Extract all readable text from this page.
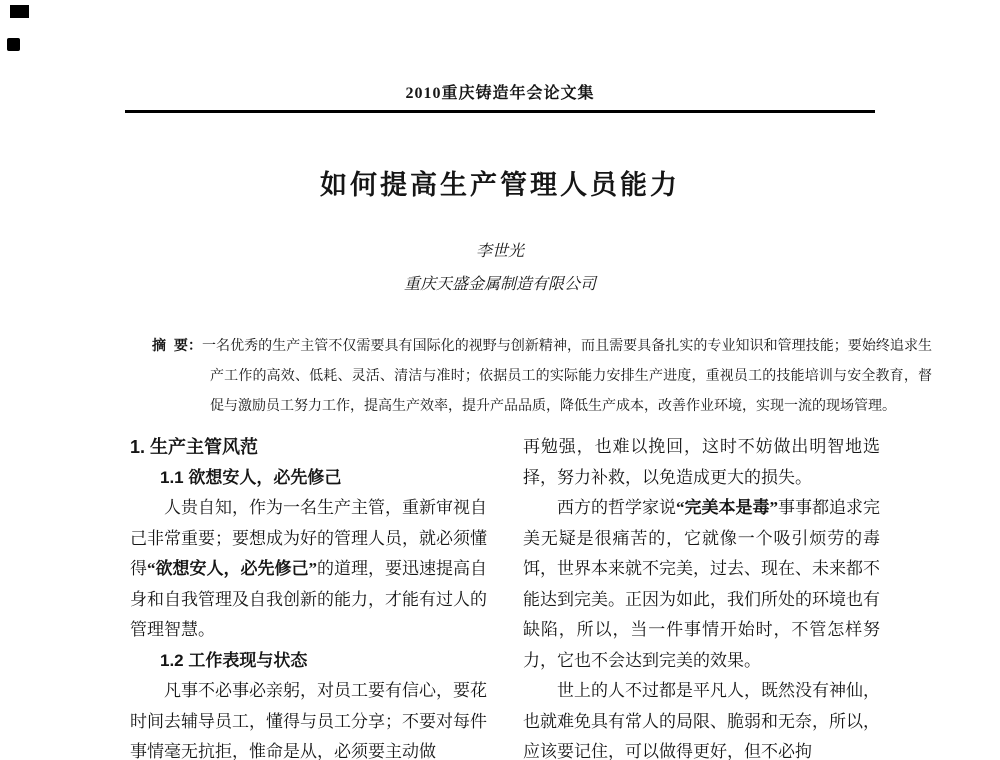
2010重庆铸造年会论文集
如何提高生产管理人员能力
李世光
重庆天盛金属制造有限公司
摘  要：一名优秀的生产主管不仅需要具有国际化的视野与创新精神，而且需要具备扎实的专业知识和管理技能；要始终追求生产工作的高效、低耗、灵活、清洁与准时；依据员工的实际能力安排生产进度，重视员工的技能培训与安全教育，督促与激励员工努力工作，提高生产效率，提升产品品质，降低生产成本，改善作业环境，实现一流的现场管理。
1. 生产主管风范
1.1 欲想安人，必先修己

人贵自知，作为一名生产主管，重新审视自己非常重要；要想成为好的管理人员，就必须懂得“欲想安人，必先修己”的道理，要迅速提高自身和自我管理及自我创新的能力，才能有过人的管理智慧。

1.2 工作表现与状态

凡事不必事必亲躬，对员工要有信心，要花时间去辅导员工，懂得与员工分享；不要对每件事情毫无抗拒，惟命是从，必须要主动做

再勉强，也难以挽回，这时不妨做出明智地选择，努力补救，以免造成更大的损失。

西方的哲学家说“完美本是毒”事事都追求完美无疑是很痛苦的，它就像一个吸引烦劳的毒饵，世界本来就不完美，过去、现在、未来都不能达到完美。正因为如此，我们所处的环境也有缺陷，所以，当一件事情开始时，不管怎样努力，它也不会达到完美的效果。

世上的人不过都是平凡人，既然没有神仙，也就难免具有常人的局限、脆弱和无奈，所以，应该要记住，可以做得更好，但不必拘
